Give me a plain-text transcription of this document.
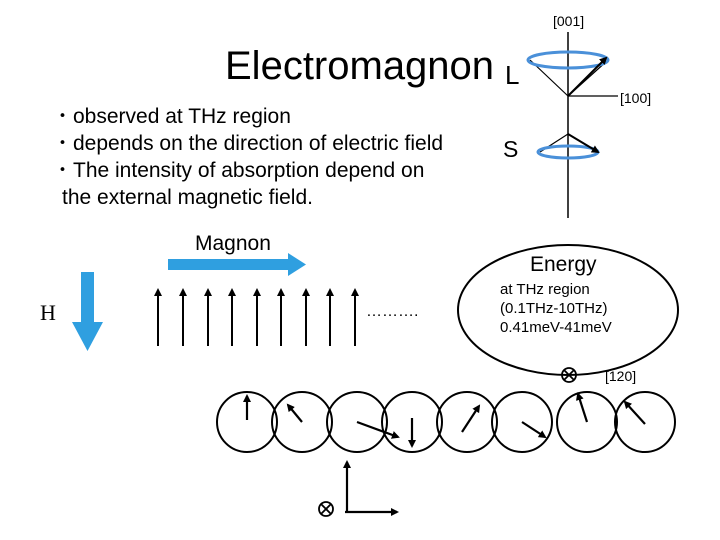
Electromagnon
・observed at THz region
・depends on the direction of electric field
・The intensity of absorption depend on
the external magnetic field.
[001]
[100]
[120]
L
S
Magnon
H	……….
Energy
at THz region
(0.1THz-10THz)
0.41meV-41meV
